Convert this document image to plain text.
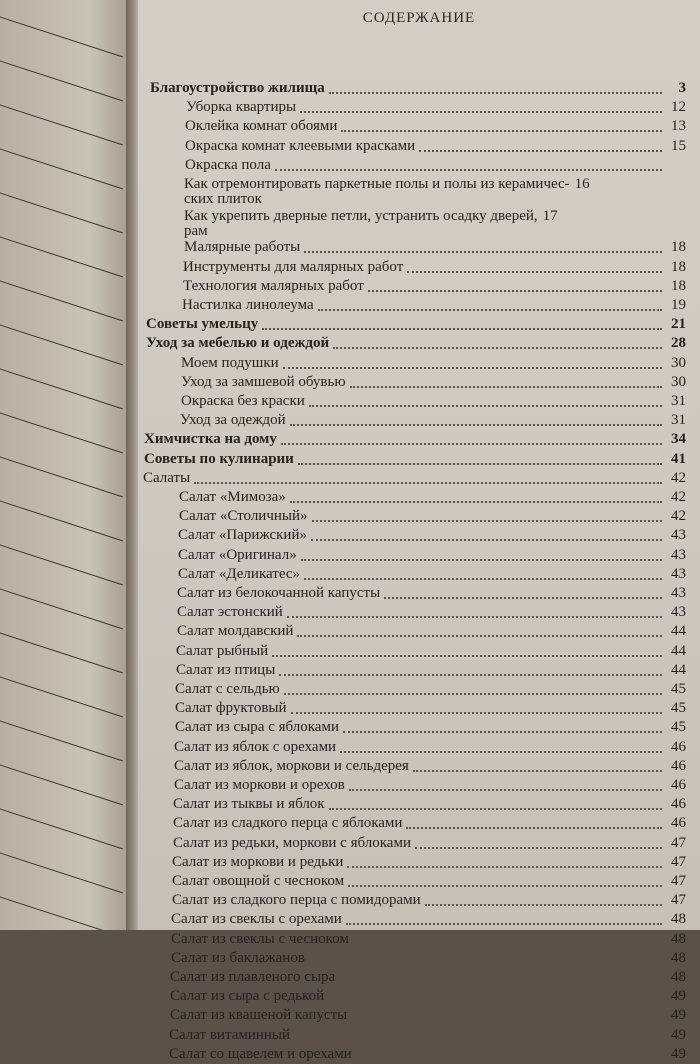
СОДЕРЖАНИЕ
Благоустройство жилища	3
Уборка квартиры	12
Оклейка комнат обоями	13
Окраска комнат клеевыми красками	15
Окраска пола
Как отремонтировать паркетные полы и полы из керамичес- 16
ских плиток
Как укрепить дверные петли, устранить осадку дверей, 17
рам
Малярные работы	18
Инструменты для малярных работ	18
Технология малярных работ	18
Настилка линолеума	19
Советы умельцу	21
Уход за мебелью и одеждой	28
Моем подушки	30
Уход за замшевой обувью	30
Окраска без краски	31
Уход за одеждой	31
Химчистка на дому	34
Советы по кулинарии	41
Салаты	42
Салат «Мимоза»	42
Салат «Столичный»	42
Салат «Парижский»	43
Салат «Оригинал»	43
Салат «Деликатес»	43
Салат из белокочанной капусты	43
Салат эстонский	43
Салат молдавский	44
Салат рыбный	44
Салат из птицы	44
Салат с сельдью	45
Салат фруктовый	45
Салат из сыра с яблоками	45
Салат из яблок с орехами	46
Салат из яблок, моркови и сельдерея	46
Салат из моркови и орехов	46
Салат из тыквы и яблок	46
Салат из сладкого перца с яблоками	46
Салат из редьки, моркови с яблоками	47
Салат из моркови и редьки	47
Салат овощной с чесноком	47
Салат из сладкого перца с помидорами	47
Салат из свеклы с орехами	48
Салат из свеклы с чесноком	48
Салат из баклажанов	48
Салат из плавленого сыра	48
Салат из сыра с редькой	49
Салат из квашеной капусты	49
Салат витаминный	49
Салат со щавелем и орехами	49
